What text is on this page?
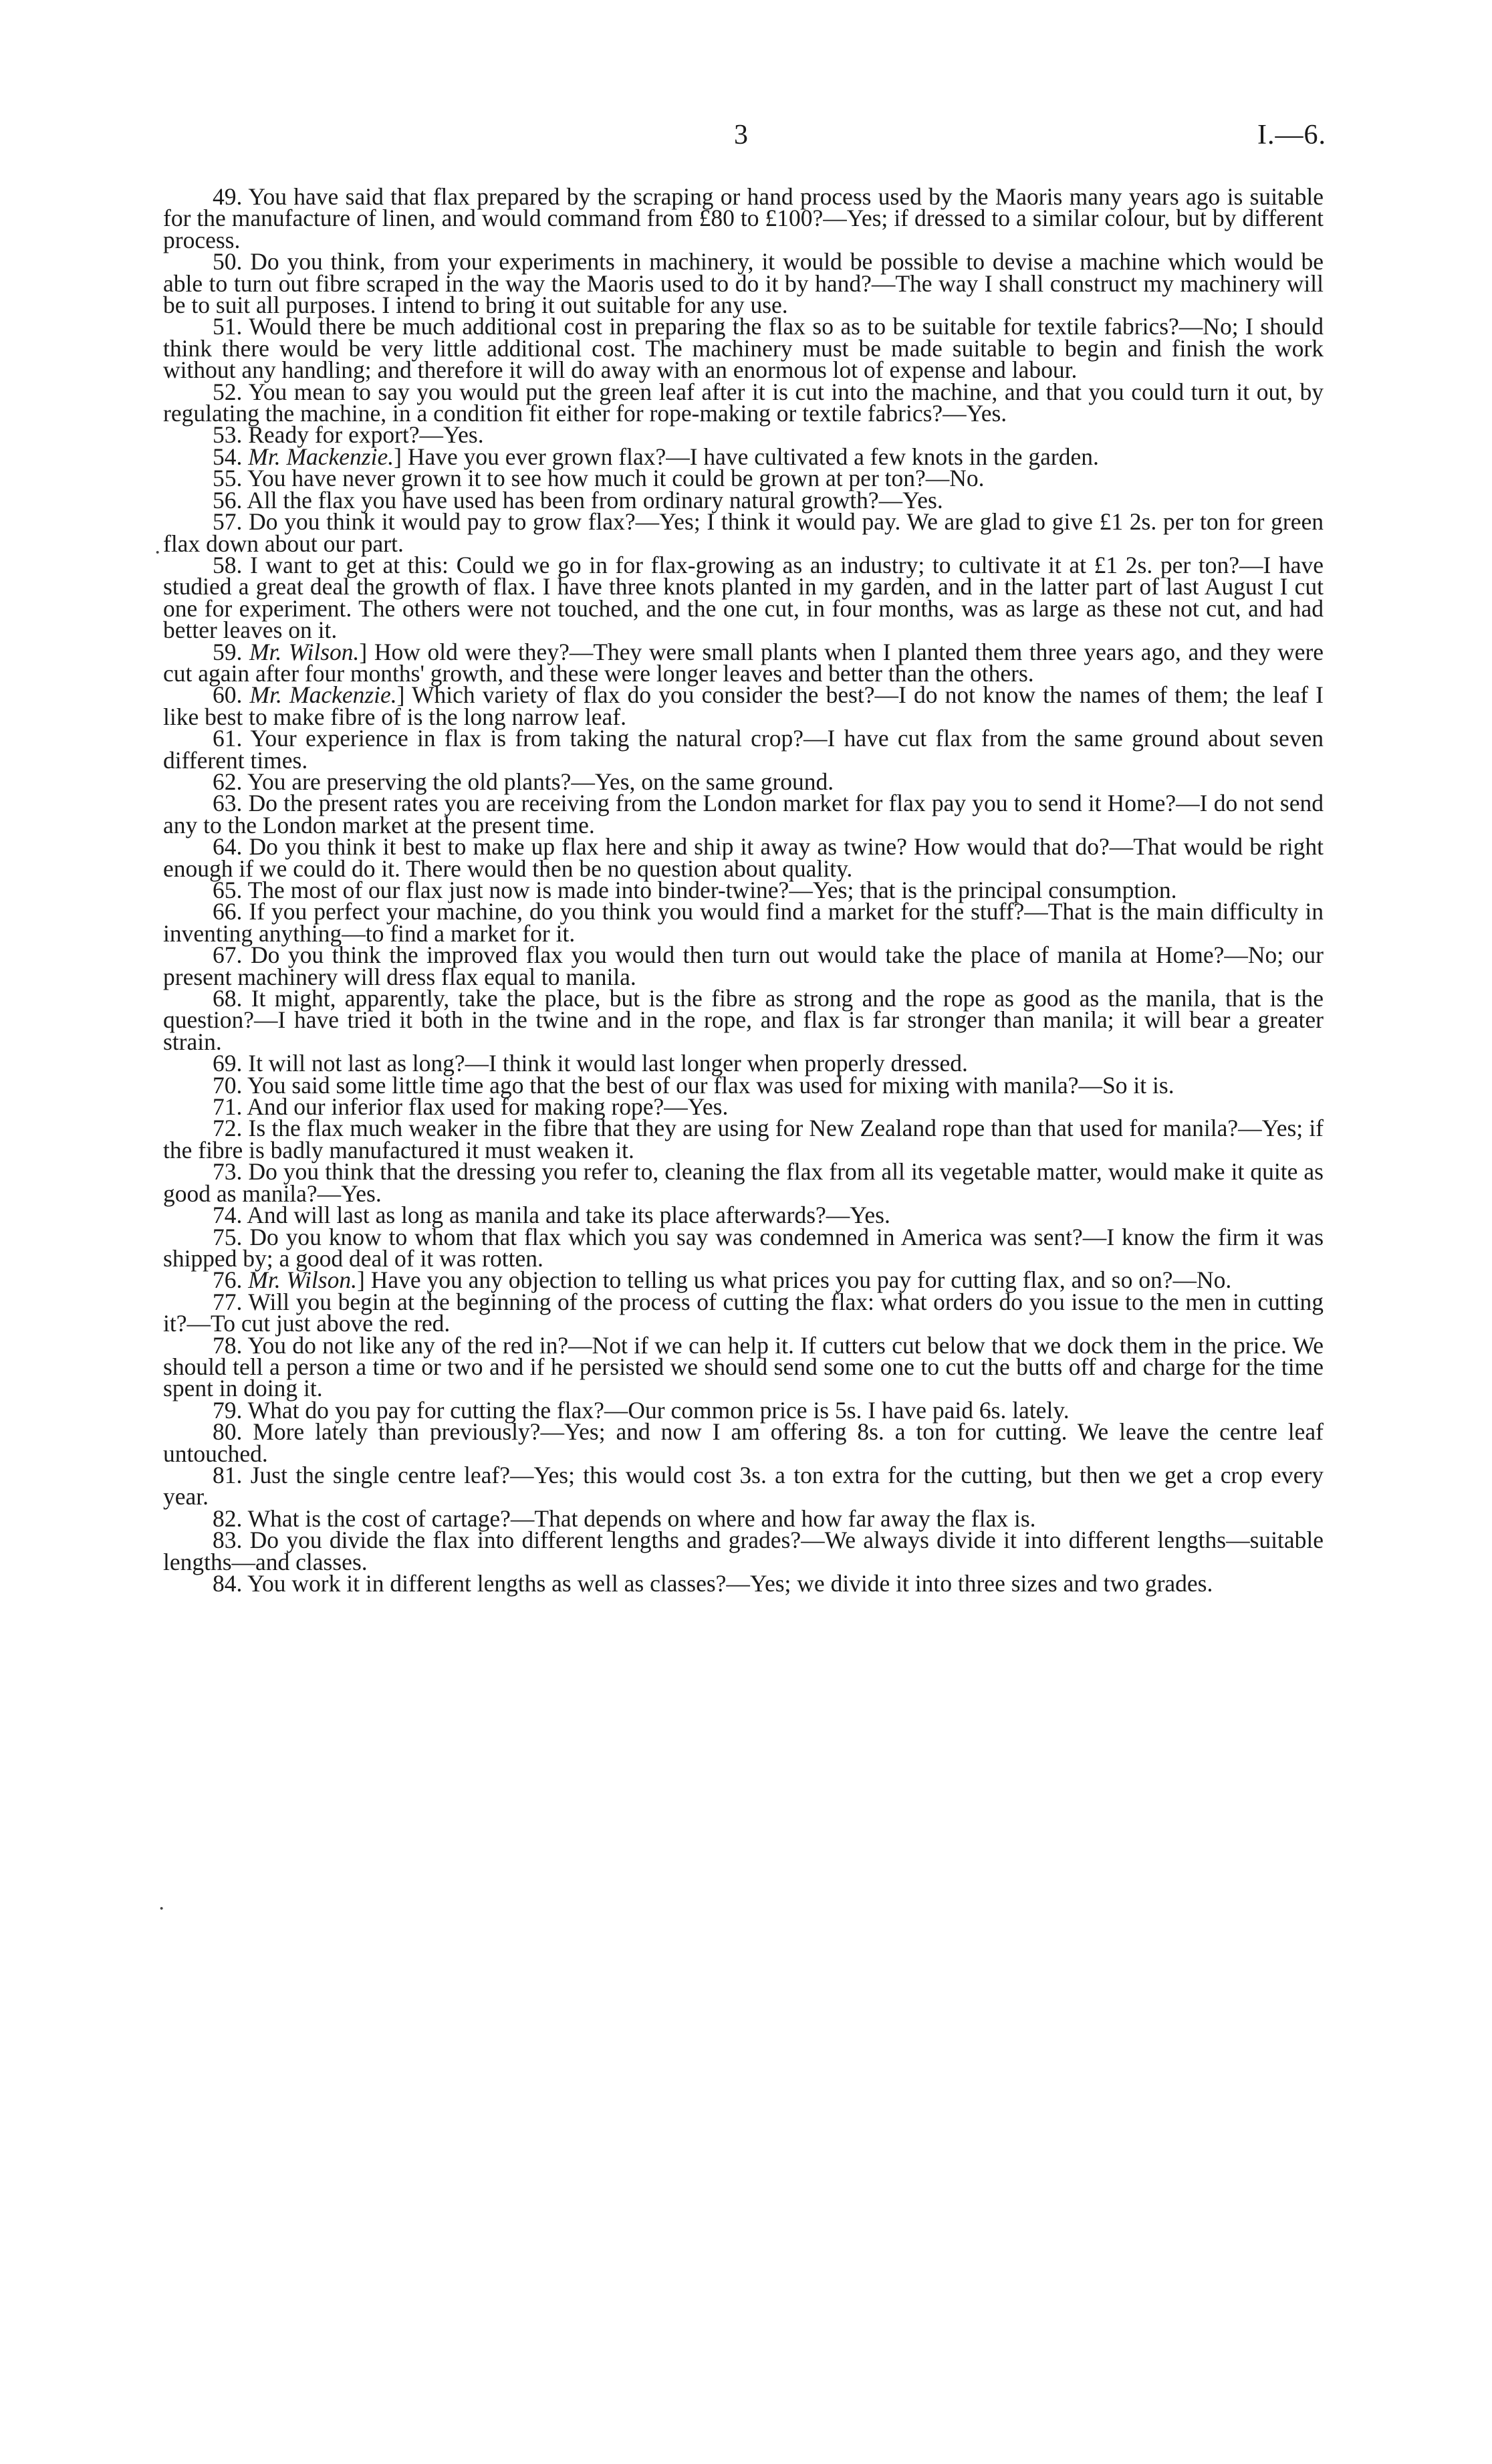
3	I.—6.
·
·

49. You have said that flax prepared by the scraping or hand process used by the Maoris many years ago is suitable for the manufacture of linen, and would command from £80 to £100?—Yes; if dressed to a similar colour, but by different process.

50. Do you think, from your experiments in machinery, it would be possible to devise a machine which would be able to turn out fibre scraped in the way the Maoris used to do it by hand?—The way I shall construct my machinery will be to suit all purposes. I intend to bring it out suitable for any use.

51. Would there be much additional cost in preparing the flax so as to be suitable for textile fabrics?—No; I should think there would be very little additional cost. The machinery must be made suitable to begin and finish the work without any handling; and therefore it will do away with an enormous lot of expense and labour.

52. You mean to say you would put the green leaf after it is cut into the machine, and that you could turn it out, by regulating the machine, in a condition fit either for rope-making or textile fabrics?—Yes.

53. Ready for export?—Yes.

54. Mr. Mackenzie.] Have you ever grown flax?—I have cultivated a few knots in the garden.

55. You have never grown it to see how much it could be grown at per ton?—No.

56. All the flax you have used has been from ordinary natural growth?—Yes.

57. Do you think it would pay to grow flax?—Yes; I think it would pay. We are glad to give £1 2s. per ton for green flax down about our part.

58. I want to get at this: Could we go in for flax-growing as an industry; to cultivate it at £1 2s. per ton?—I have studied a great deal the growth of flax. I have three knots planted in my garden, and in the latter part of last August I cut one for experiment. The others were not touched, and the one cut, in four months, was as large as these not cut, and had better leaves on it.

59. Mr. Wilson.] How old were they?—They were small plants when I planted them three years ago, and they were cut again after four months' growth, and these were longer leaves and better than the others.

60. Mr. Mackenzie.] Which variety of flax do you consider the best?—I do not know the names of them; the leaf I like best to make fibre of is the long narrow leaf.

61. Your experience in flax is from taking the natural crop?—I have cut flax from the same ground about seven different times.

62. You are preserving the old plants?—Yes, on the same ground.

63. Do the present rates you are receiving from the London market for flax pay you to send it Home?—I do not send any to the London market at the present time.

64. Do you think it best to make up flax here and ship it away as twine? How would that do?—That would be right enough if we could do it. There would then be no question about quality.

65. The most of our flax just now is made into binder-twine?—Yes; that is the principal consumption.

66. If you perfect your machine, do you think you would find a market for the stuff?—That is the main difficulty in inventing anything—to find a market for it.

67. Do you think the improved flax you would then turn out would take the place of manila at Home?—No; our present machinery will dress flax equal to manila.

68. It might, apparently, take the place, but is the fibre as strong and the rope as good as the manila, that is the question?—I have tried it both in the twine and in the rope, and flax is far stronger than manila; it will bear a greater strain.

69. It will not last as long?—I think it would last longer when properly dressed.

70. You said some little time ago that the best of our flax was used for mixing with manila?—So it is.

71. And our inferior flax used for making rope?—Yes.

72. Is the flax much weaker in the fibre that they are using for New Zealand rope than that used for manila?—Yes; if the fibre is badly manufactured it must weaken it.

73. Do you think that the dressing you refer to, cleaning the flax from all its vegetable matter, would make it quite as good as manila?—Yes.

74. And will last as long as manila and take its place afterwards?—Yes.

75. Do you know to whom that flax which you say was condemned in America was sent?—I know the firm it was shipped by; a good deal of it was rotten.

76. Mr. Wilson.] Have you any objection to telling us what prices you pay for cutting flax, and so on?—No.

77. Will you begin at the beginning of the process of cutting the flax: what orders do you issue to the men in cutting it?—To cut just above the red.

78. You do not like any of the red in?—Not if we can help it. If cutters cut below that we dock them in the price. We should tell a person a time or two and if he persisted we should send some one to cut the butts off and charge for the time spent in doing it.

79. What do you pay for cutting the flax?—Our common price is 5s. I have paid 6s. lately.

80. More lately than previously?—Yes; and now I am offering 8s. a ton for cutting. We leave the centre leaf untouched.

81. Just the single centre leaf?—Yes; this would cost 3s. a ton extra for the cutting, but then we get a crop every year.

82. What is the cost of cartage?—That depends on where and how far away the flax is.

83. Do you divide the flax into different lengths and grades?—We always divide it into different lengths—suitable lengths—and classes.

84. You work it in different lengths as well as classes?—Yes; we divide it into three sizes and two grades.
